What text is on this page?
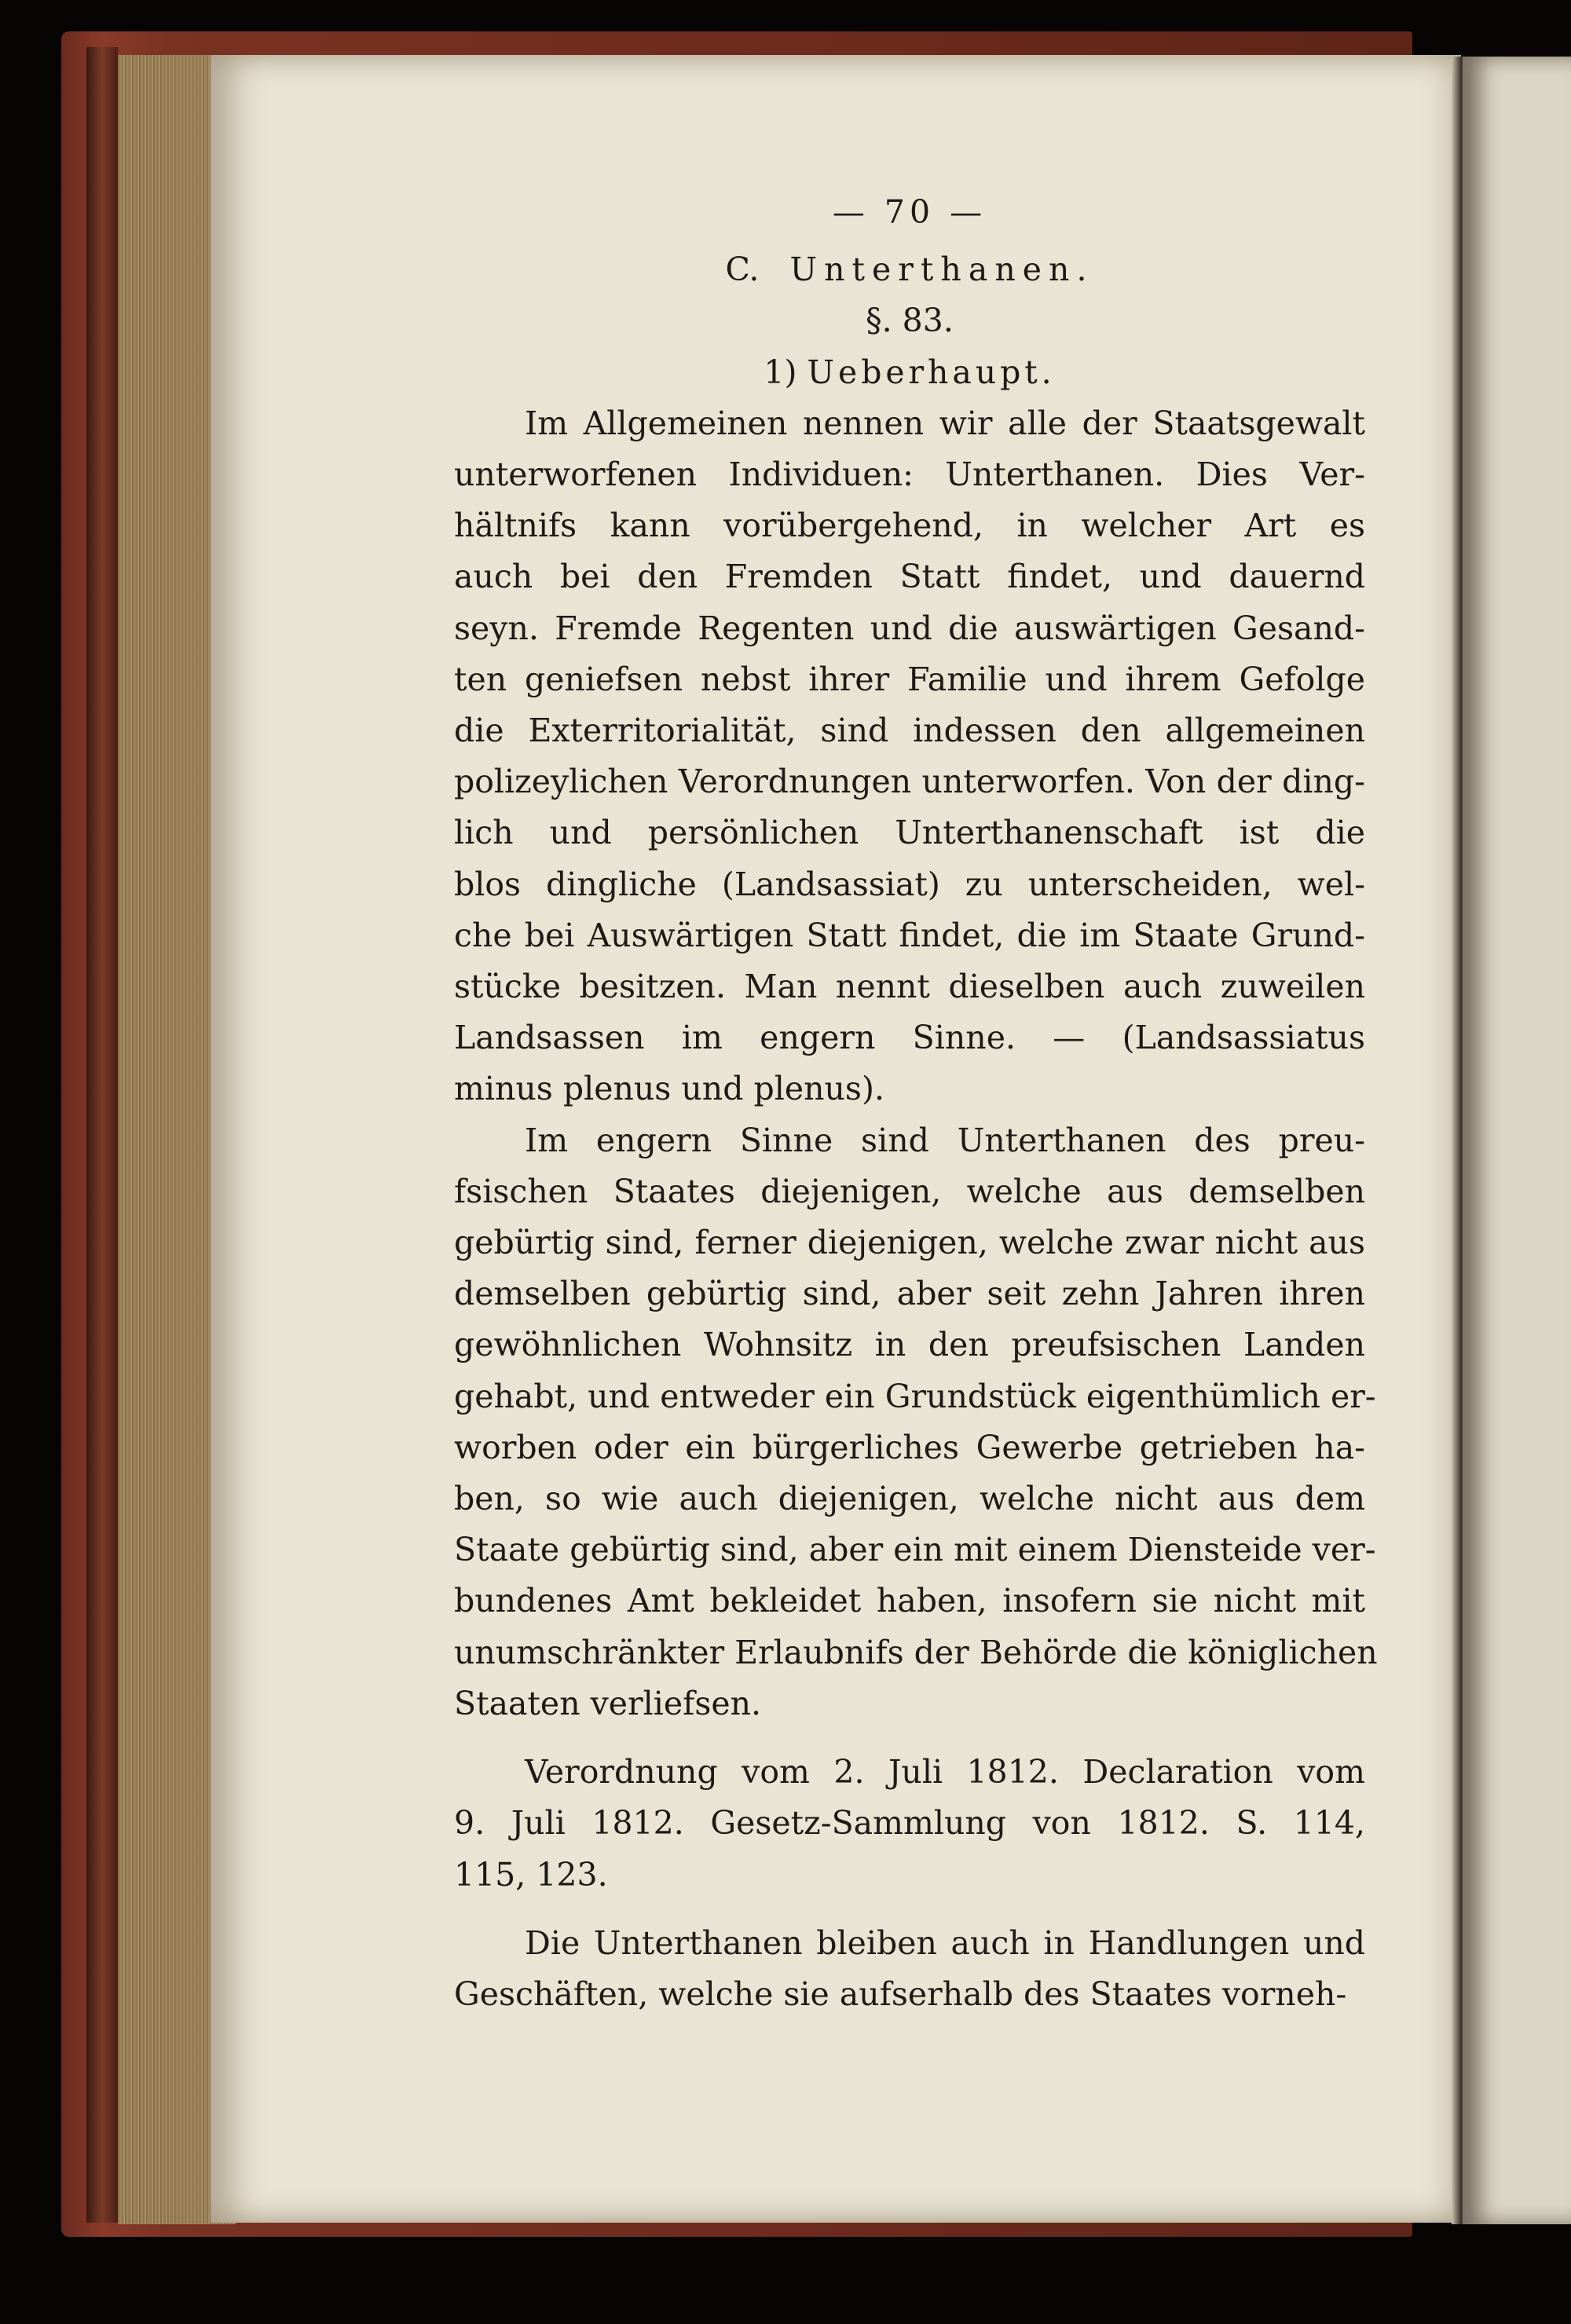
— 70 —
C. Unterthanen.
§. 83.
1) Ueberhaupt.
Im Allgemeinen nennen wir alle der Staatsgewalt
unterworfenen Individuen: Unterthanen. Dies Ver-
hältnifs kann vorübergehend, in welcher Art es
auch bei den Fremden Statt findet, und dauernd
seyn. Fremde Regenten und die auswärtigen Gesand-
ten geniefsen nebst ihrer Familie und ihrem Gefolge
die Exterritorialität, sind indessen den allgemeinen
polizeylichen Verordnungen unterworfen. Von der ding-
lich und persönlichen Unterthanenschaft ist die
blos dingliche (Landsassiat) zu unterscheiden, wel-
che bei Auswärtigen Statt findet, die im Staate Grund-
stücke besitzen. Man nennt dieselben auch zuweilen
Landsassen im engern Sinne. — (Landsassiatus
minus plenus und plenus).
Im engern Sinne sind Unterthanen des preu-
fsischen Staates diejenigen, welche aus demselben
gebürtig sind, ferner diejenigen, welche zwar nicht aus
demselben gebürtig sind, aber seit zehn Jahren ihren
gewöhnlichen Wohnsitz in den preufsischen Landen
gehabt, und entweder ein Grundstück eigenthümlich er-
worben oder ein bürgerliches Gewerbe getrieben ha-
ben, so wie auch diejenigen, welche nicht aus dem
Staate gebürtig sind, aber ein mit einem Diensteide ver-
bundenes Amt bekleidet haben, insofern sie nicht mit
unumschränkter Erlaubnifs der Behörde die königlichen
Staaten verliefsen.
Verordnung vom 2. Juli 1812. Declaration vom
9. Juli 1812. Gesetz-Sammlung von 1812. S. 114,
115, 123.
Die Unterthanen bleiben auch in Handlungen und
Geschäften, welche sie aufserhalb des Staates vorneh-
